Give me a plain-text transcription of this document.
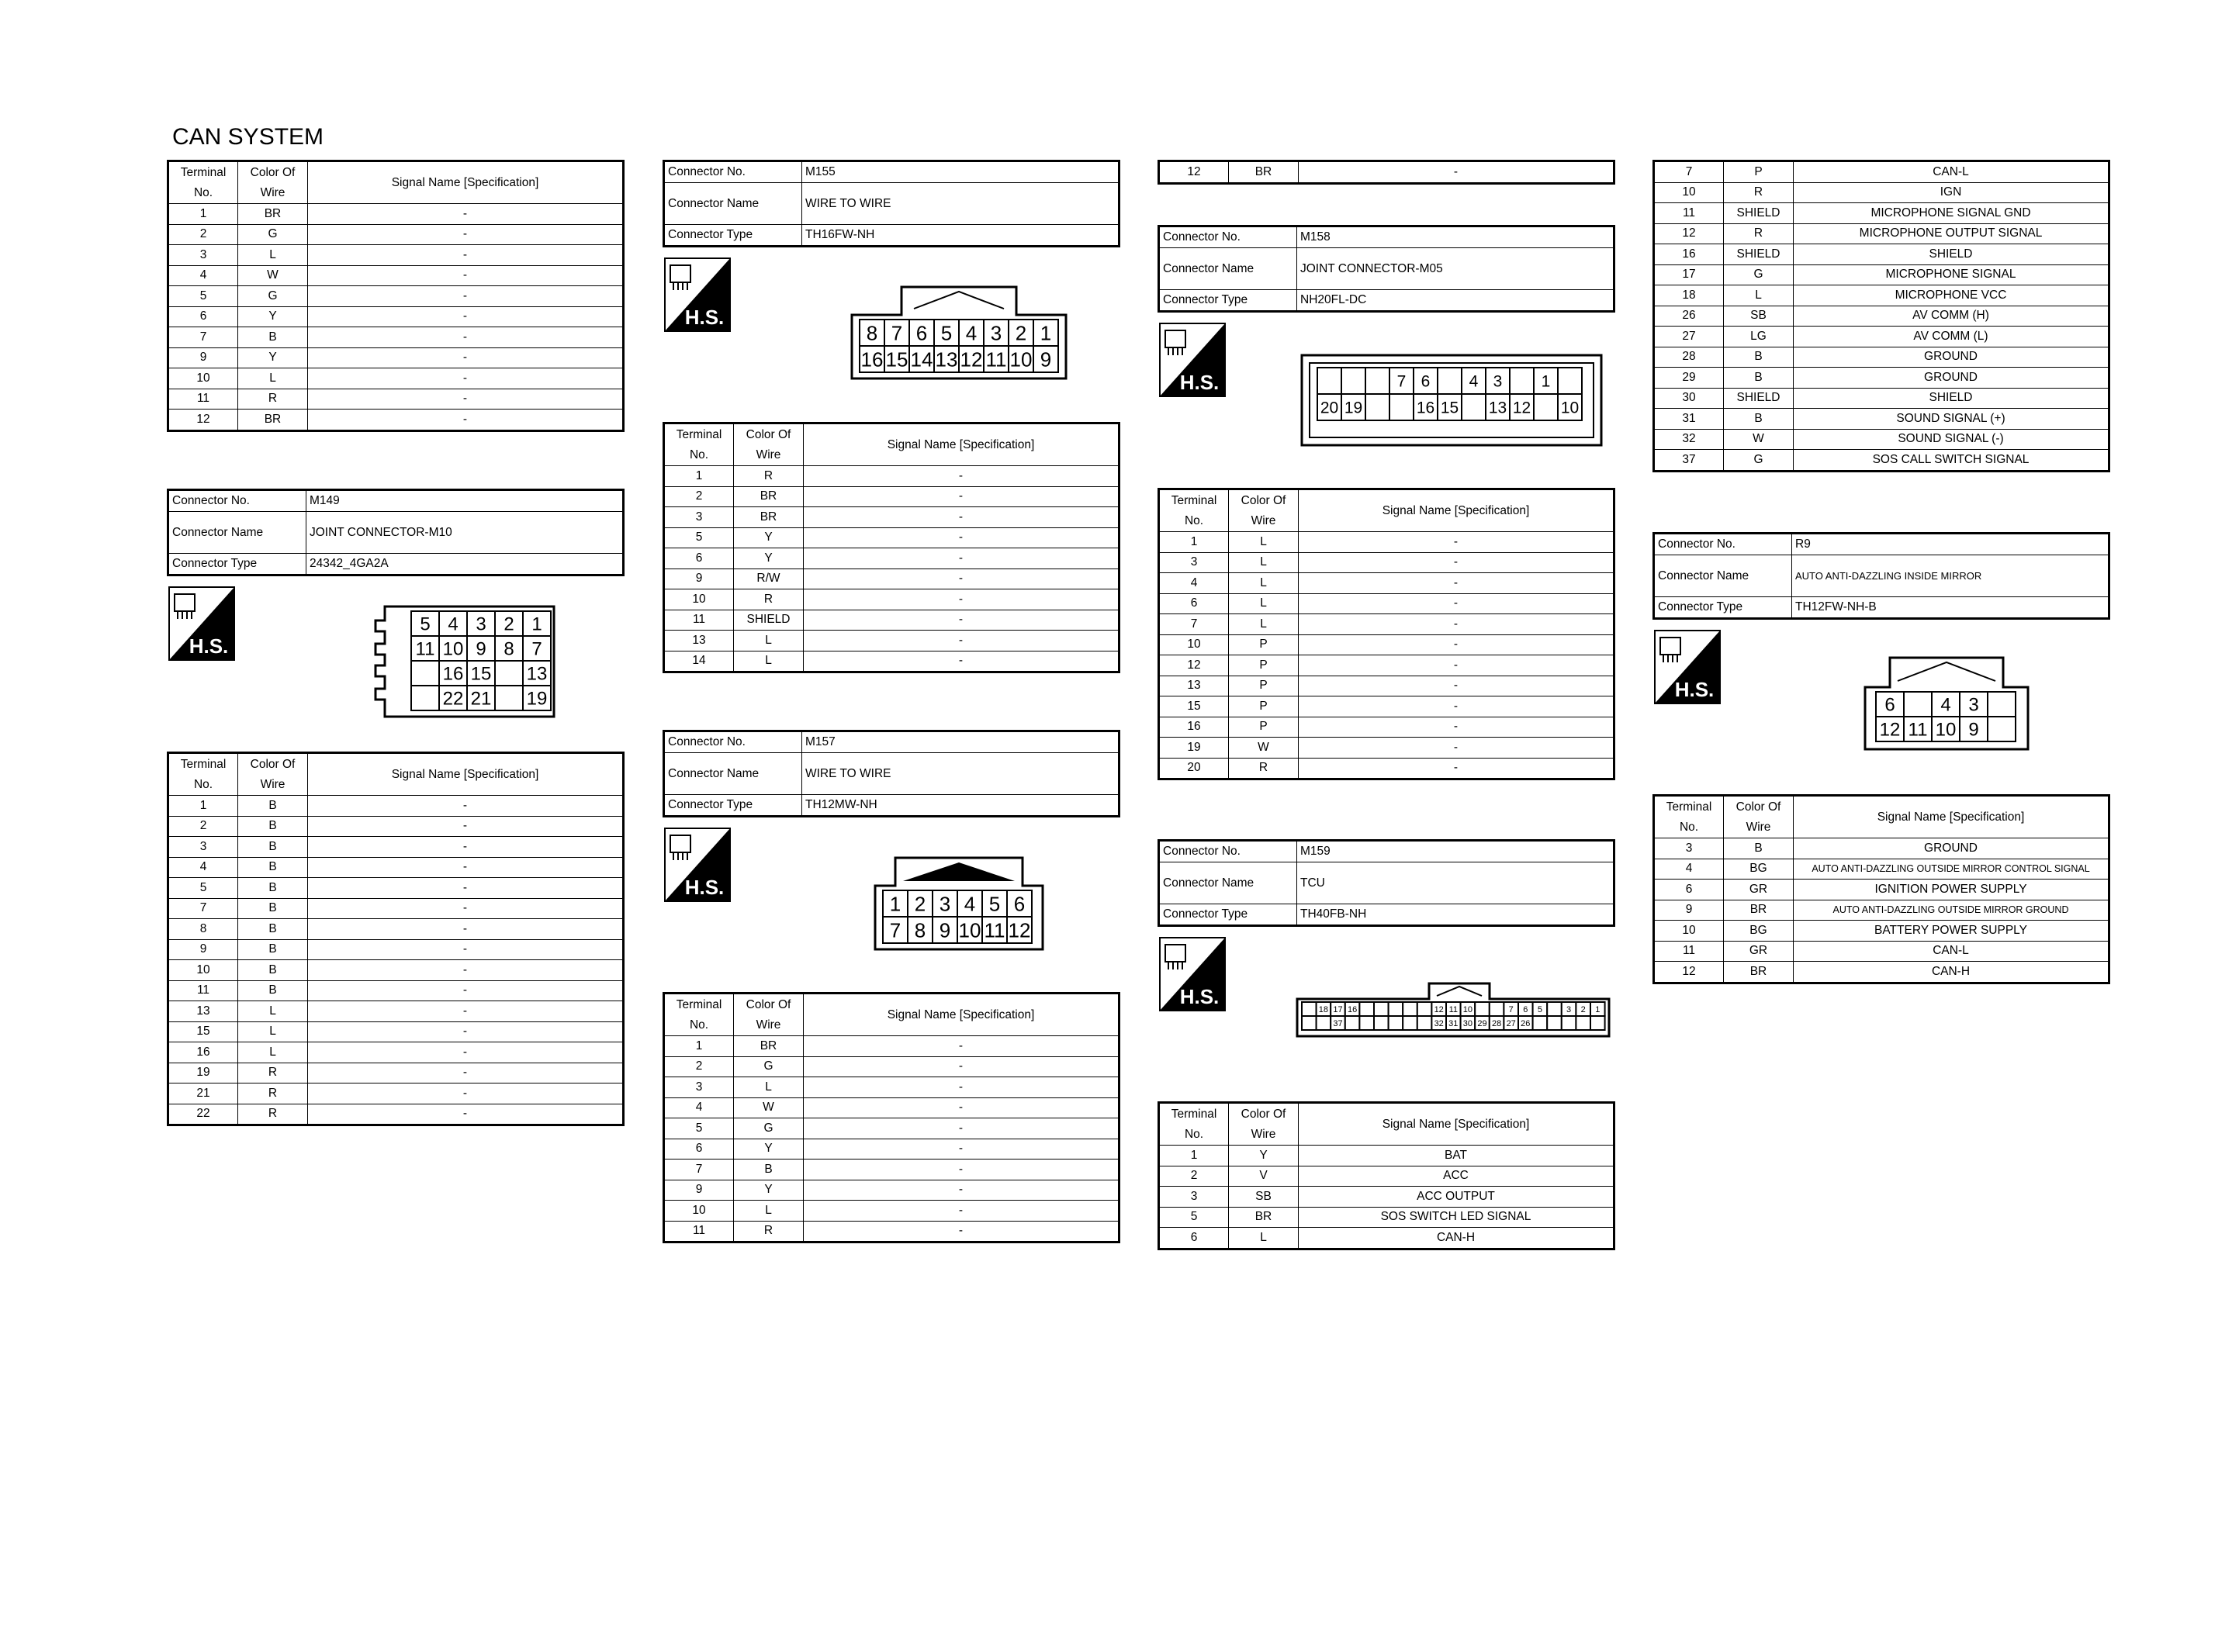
CAN SYSTEM
Terminal
No.	Color Of
Wire	Signal Name [Specification]
1	BR	-
2	G	-
3	L	-
4	W	-
5	G	-
6	Y	-
7	B	-
9	Y	-
10	L	-
11	R	-
12	BR	-
Connector No.	M149
Connector Name	JOINT CONNECTOR-M10
Connector Type	24342_4GA2A
H.S.
5 4 3 2 1
11 10 9 8 7
16 15 13
22 21 19
Terminal
No.	Color Of
Wire	Signal Name [Specification]
1	B	-
2	B	-
3	B	-
4	B	-
5	B	-
7	B	-
8	B	-
9	B	-
10	B	-
11	B	-
13	L	-
15	L	-
16	L	-
19	R	-
21	R	-
22	R	-
Connector No.	M155
Connector Name	WIRE TO WIRE
Connector Type	TH16FW-NH
H.S.
8 7 6 5 4 3 2 1
16 15 14 13 12 11 10 9
Terminal
No.	Color Of
Wire	Signal Name [Specification]
1	R	-
2	BR	-
3	BR	-
5	Y	-
6	Y	-
9	R/W	-
10	R	-
11	SHIELD	-
13	L	-
14	L	-
Connector No.	M157
Connector Name	WIRE TO WIRE
Connector Type	TH12MW-NH
H.S.
1 2 3 4 5 6
7 8 9 10 11 12
Terminal
No.	Color Of
Wire	Signal Name [Specification]
1	BR	-
2	G	-
3	L	-
4	W	-
5	G	-
6	Y	-
7	B	-
9	Y	-
10	L	-
11	R	-
12	BR	-
Connector No.	M158
Connector Name	JOINT CONNECTOR-M05
Connector Type	NH20FL-DC
H.S.	7 6 4 3 1
20 19	16 15 13 12 10
Terminal
No.	Color Of
Wire	Signal Name [Specification]
1	L	-
3	L	-
4	L	-
6	L	-
7	L	-
10	P	-
12	P	-
13	P	-
15	P	-
16	P	-
19	W	-
20	R	-
Connector No.	M159
Connector Name	TCU
Connector Type	TH40FB-NH
H.S.
18 17 16	12 11 10	7 6 5	3 2 1
37	32 31 30 29 28 27 26
Terminal
No.	Color Of
Wire	Signal Name [Specification]
1	Y	BAT
2	V	ACC
3	SB	ACC OUTPUT
5	BR	SOS SWITCH LED SIGNAL
6	L	CAN-H
7	P	CAN-L
10	R	IGN
11	SHIELD	MICROPHONE SIGNAL GND
12	R	MICROPHONE OUTPUT SIGNAL
16	SHIELD	SHIELD
17	G	MICROPHONE SIGNAL
18	L	MICROPHONE VCC
26	SB	AV COMM (H)
27	LG	AV COMM (L)
28	B	GROUND
29	B	GROUND
30	SHIELD	SHIELD
31	B	SOUND SIGNAL (+)
32	W	SOUND SIGNAL (-)
37	G	SOS CALL SWITCH SIGNAL
Connector No.	R9
Connector Name	AUTO ANTI-DAZZLING INSIDE MIRROR
Connector Type	TH12FW-NH-B
H.S.
6 4 3
12 11 10 9
Terminal
No.	Color Of
Wire	Signal Name [Specification]
3	B	GROUND
4	BG	AUTO ANTI-DAZZLING OUTSIDE MIRROR CONTROL SIGNAL
6	GR	IGNITION POWER SUPPLY
9	BR	AUTO ANTI-DAZZLING OUTSIDE MIRROR GROUND
10	BG	BATTERY POWER SUPPLY
11	GR	CAN-L
12	BR	CAN-H
